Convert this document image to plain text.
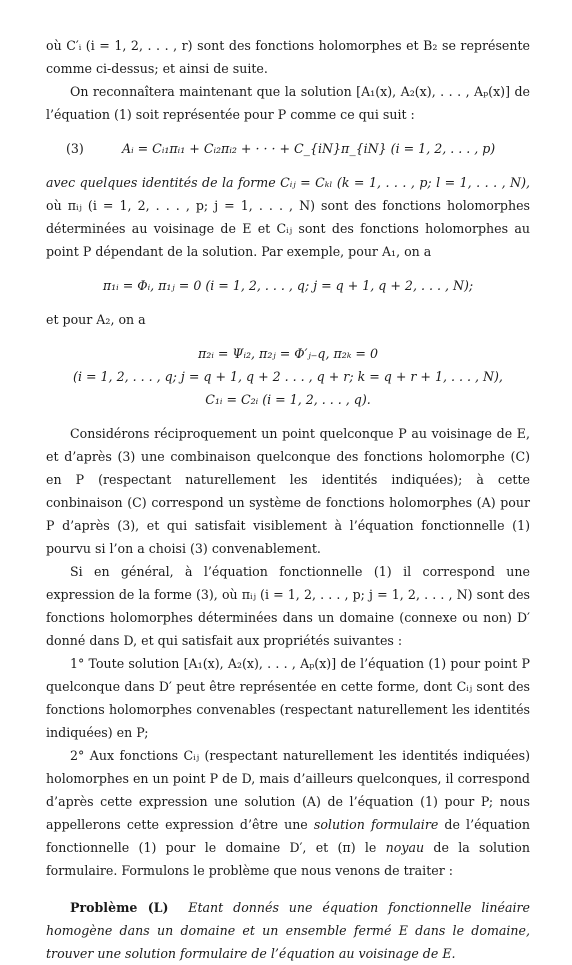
où C′ᵢ (i = 1, 2, . . . , r) sont des fonctions holomorphes et B₂ se représente comme ci-dessus; et ainsi de suite.

On reconnaîtera maintenant que la solution [A₁(x), A₂(x), . . . , Aₚ(x)] de l’équation (1) soit représentée pour P comme ce qui suit :

(3)	Aᵢ = Cᵢ₁πᵢ₁ + Cᵢ₂πᵢ₂ + · · · + C_{iN}π_{iN} (i = 1, 2, . . . , p)

avec quelques identités de la forme Cᵢⱼ = Cₖₗ (k = 1, . . . , p; l = 1, . . . , N), où πᵢⱼ (i = 1, 2, . . . , p; j = 1, . . . , N) sont des fonctions holomorphes déterminées au voisinage de E et Cᵢⱼ sont des fonctions holomorphes au point P dépendant de la solution. Par exemple, pour A₁, on a

π₁ᵢ = Φᵢ, π₁ⱼ = 0 (i = 1, 2, . . . , q; j = q + 1, q + 2, . . . , N);

et pour A₂, on a

π₂ᵢ = Ψᵢ₂, π₂ⱼ = Φ′ⱼ₋q, π₂ₖ = 0
(i = 1, 2, . . . , q; j = q + 1, q + 2 . . . , q + r; k = q + r + 1, . . . , N),
C₁ᵢ = C₂ᵢ (i = 1, 2, . . . , q).

Considérons réciproquement un point quelconque P au voisinage de E, et d’après (3) une combinaison quelconque des fonctions holomorphe (C) en P (respectant naturellement les identités indiquées); à cette conbinaison (C) correspond un système de fonctions holomorphes (A) pour P d’après (3), et qui satisfait visiblement à l’équation fonctionnelle (1) pourvu si l’on a choisi (3) convenablement.

Si en général, à l’équation fonctionnelle (1) il correspond une expression de la forme (3), où πᵢⱼ (i = 1, 2, . . . , p; j = 1, 2, . . . , N) sont des fonctions holomorphes déterminées dans un domaine (connexe ou non) D′ donné dans D, et qui satisfait aux propriétés suivantes :

1° Toute solution [A₁(x), A₂(x), . . . , Aₚ(x)] de l’équation (1) pour point P quelconque dans D′ peut être représentée en cette forme, dont Cᵢⱼ sont des fonctions holomorphes convenables (respectant naturellement les identités indiquées) en P;

2° Aux fonctions Cᵢⱼ (respectant naturellement les identités indiquées) holomorphes en un point P de D, mais d’ailleurs quelconques, il correspond d’après cette expression une solution (A) de l’équation (1) pour P; nous appellerons cette expression d’être une solution formulaire de l’équation fonctionnelle (1) pour le domaine D′, et (π) le noyau de la solution formulaire. Formulons le problème que nous venons de traiter :

Problème (L) Etant donnés une équation fonctionnelle linéaire homogène dans un domaine et un ensemble fermé E dans le domaine, trouver une solution formulaire de l’équation au voisinage de E.
